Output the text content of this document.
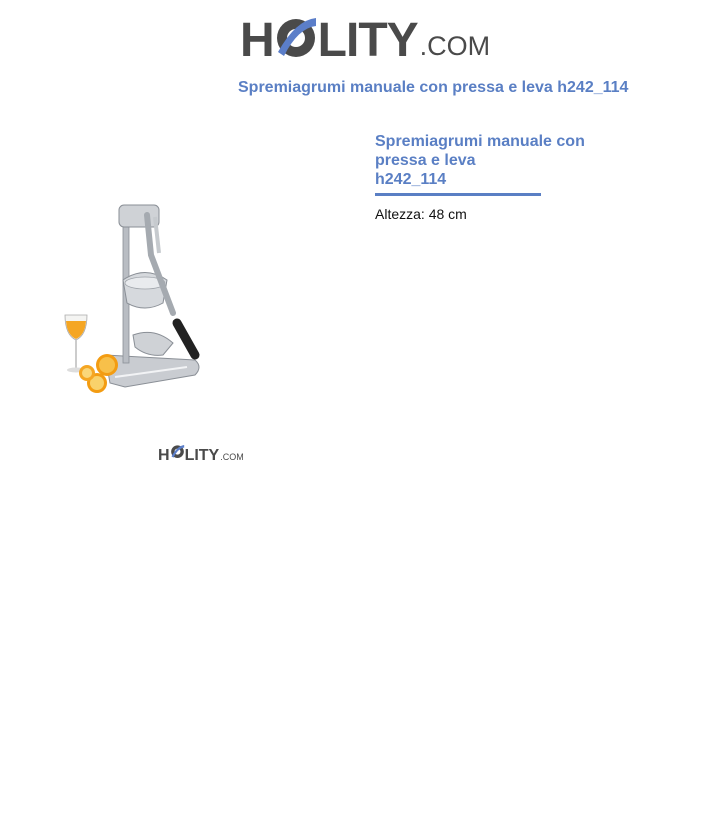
H LITY .COM
Spremiagrumi manuale con pressa e leva h242_114
H LITY .COM
Spremiagrumi manuale con
pressa e leva
h242_114
Altezza: 48 cm
